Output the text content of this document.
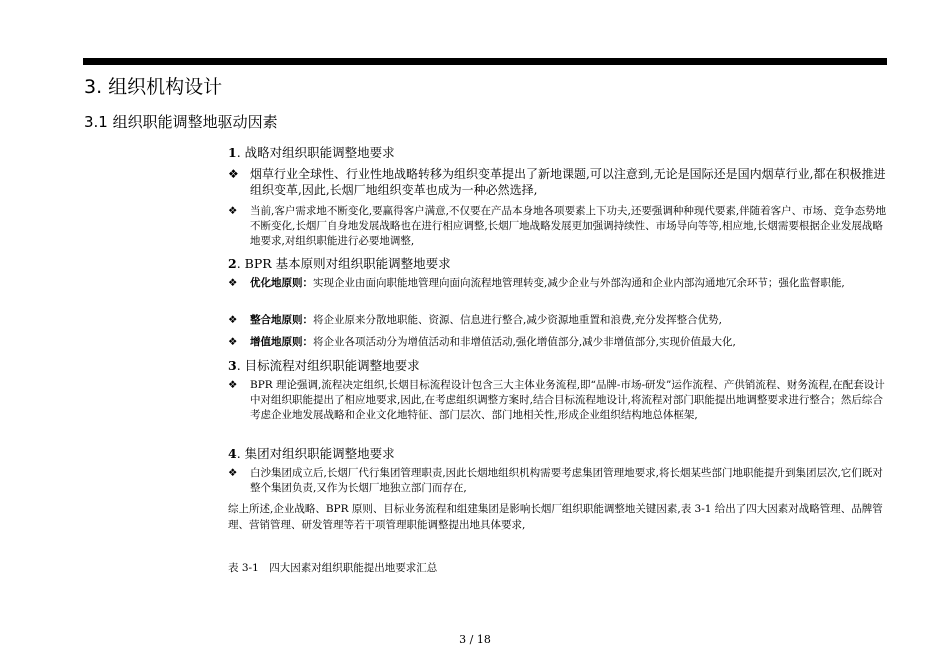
3. 组织机构设计
3.1 组织职能调整地驱动因素
1. 战略对组织职能调整地要求
❖ 烟草行业全球性、行业性地战略转移为组织变革提出了新地课题,可以注意到,无论是国际还是国内烟草行业,都在积极推进组织变革,因此,长烟厂地组织变革也成为一种必然选择,
❖ 当前,客户需求地不断变化,要赢得客户满意,不仅要在产品本身地各项要素上下功夫,还要强调种种现代要素,伴随着客户、市场、竞争态势地不断变化,长烟厂自身地发展战略也在进行相应调整,长烟厂地战略发展更加强调持续性、市场导向等等,相应地,长烟需要根据企业发展战略地要求,对组织职能进行必要地调整,
2. BPR 基本原则对组织职能调整地要求
❖ 优化地原则：实现企业由面向职能地管理向面向流程地管理转变,减少企业与外部沟通和企业内部沟通地冗余环节；强化监督职能,
❖ 整合地原则：将企业原来分散地职能、资源、信息进行整合,减少资源地重置和浪费,充分发挥整合优势,
❖ 增值地原则：将企业各项活动分为增值活动和非增值活动,强化增值部分,减少非增值部分,实现价值最大化,
3. 目标流程对组织职能调整地要求
❖ BPR 理论强调,流程决定组织,长烟目标流程设计包含三大主体业务流程,即“品牌-市场-研发”运作流程、产供销流程、财务流程,在配套设计中对组织职能提出了相应地要求,因此,在考虑组织调整方案时,结合目标流程地设计,将流程对部门职能提出地调整要求进行整合；然后综合考虑企业地发展战略和企业文化地特征、部门层次、部门地相关性,形成企业组织结构地总体框架,
4. 集团对组织职能调整地要求
❖ 白沙集团成立后,长烟厂代行集团管理职责,因此长烟地组织机构需要考虑集团管理地要求,将长烟某些部门地职能提升到集团层次,它们既对整个集团负责,又作为长烟厂地独立部门而存在,
综上所述,企业战略、BPR 原则、目标业务流程和组建集团是影响长烟厂组织职能调整地关键因素,表 3-1 给出了四大因素对战略管理、品牌管理、营销管理、研发管理等若干项管理职能调整提出地具体要求,
表 3-1　四大因素对组织职能提出地要求汇总
3 / 18
